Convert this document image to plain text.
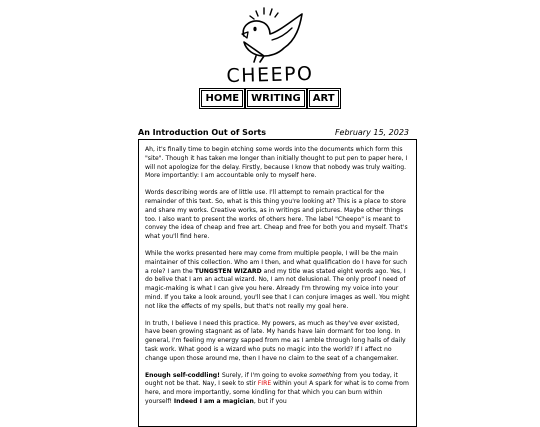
CHEEPO
HOME WRITING ART
An Introduction Out of Sorts	February 15, 2023

Ah, it's finally time to begin etching some words into the documents which form this "site". Though it has taken me longer than initially thought to put pen to paper here, I will not apologize for the delay. Firstly, because I know that nobody was truly waiting. More importantly: I am accountable only to myself here.

Words describing words are of little use. I'll attempt to remain practical for the remainder of this text. So, what is this thing you're looking at? This is a place to store and share my works. Creative works, as in writings and pictures. Maybe other things too. I also want to present the works of others here. The label "Cheepo" is meant to convey the idea of cheap and free art. Cheap and free for both you and myself. That's what you'll find here.

While the works presented here may come from multiple people, I will be the main maintainer of this collection. Who am I then, and what qualification do I have for such a role? I am the TUNGSTEN WIZARD and my title was stated eight words ago. Yes, I do belive that I am an actual wizard. No, I am not delusional. The only proof I need of magic-making is what I can give you here. Already I'm throwing my voice into your mind. If you take a look around, you'll see that I can conjure images as well. You might not like the effects of my spells, but that's not really my goal here.

In truth, I believe I need this practice. My powers, as much as they've ever existed, have been growing stagnant as of late. My hands have lain dormant for too long. In general, I'm feeling my energy sapped from me as I amble through long halls of daily task work. What good is a wizard who puts no magic into the world? If I affect no change upon those around me, then I have no claim to the seat of a changemaker.

Enough self-coddling! Surely, if I'm going to evoke something from you today, it ought not be that. Nay, I seek to stir FIRE within you! A spark for what is to come from here, and more importantly, some kindling for that which you can burn within yourself! Indeed I am a magician, but if you
